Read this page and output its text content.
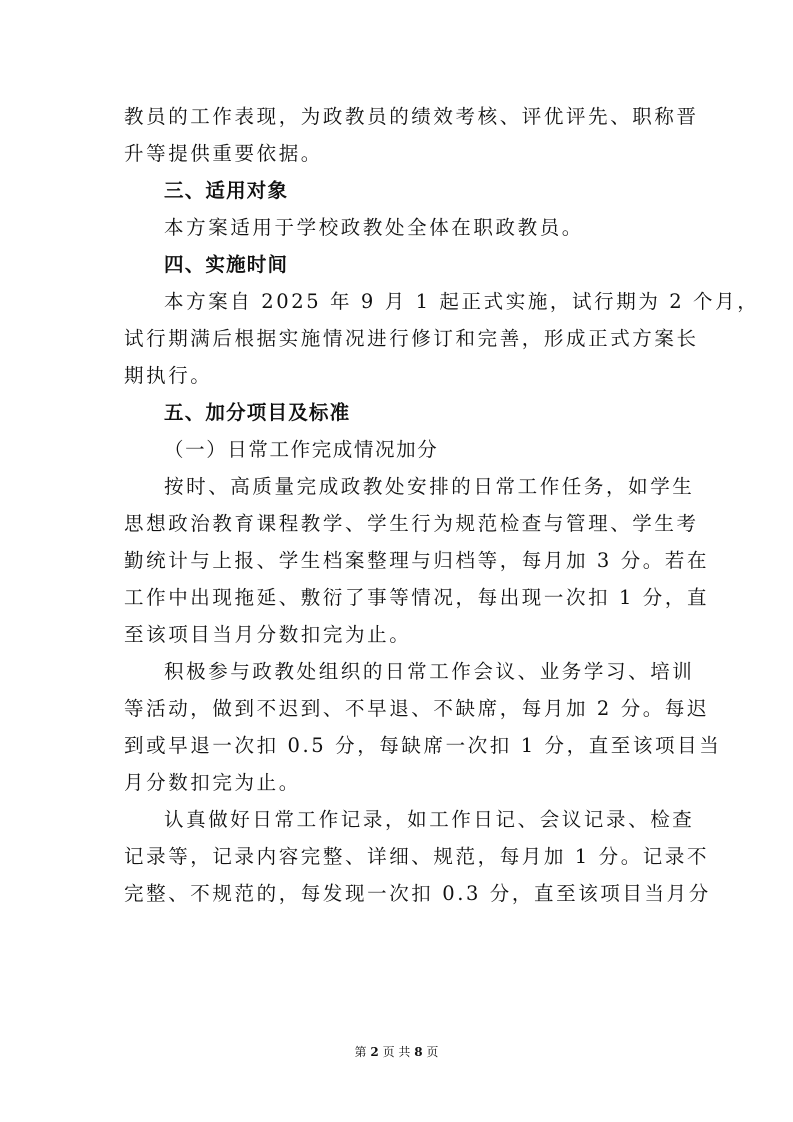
教员的工作表现，为政教员的绩效考核、评优评先、职称晋
升等提供重要依据。
三、适用对象
本方案适用于学校政教处全体在职政教员。
四、实施时间
本方案自 2025 年 9 月 1 起正式实施，试行期为 2 个月，
试行期满后根据实施情况进行修订和完善，形成正式方案长
期执行。
五、加分项目及标准
（一）日常工作完成情况加分
按时、高质量完成政教处安排的日常工作任务，如学生
思想政治教育课程教学、学生行为规范检查与管理、学生考
勤统计与上报、学生档案整理与归档等，每月加 3 分。若在
工作中出现拖延、敷衍了事等情况，每出现一次扣 1 分，直
至该项目当月分数扣完为止。
积极参与政教处组织的日常工作会议、业务学习、培训
等活动，做到不迟到、不早退、不缺席，每月加 2 分。每迟
到或早退一次扣 0.5 分，每缺席一次扣 1 分，直至该项目当
月分数扣完为止。
认真做好日常工作记录，如工作日记、会议记录、检查
记录等，记录内容完整、详细、规范，每月加 1 分。记录不
完整、不规范的，每发现一次扣 0.3 分，直至该项目当月分
第 2 页 共 8 页
